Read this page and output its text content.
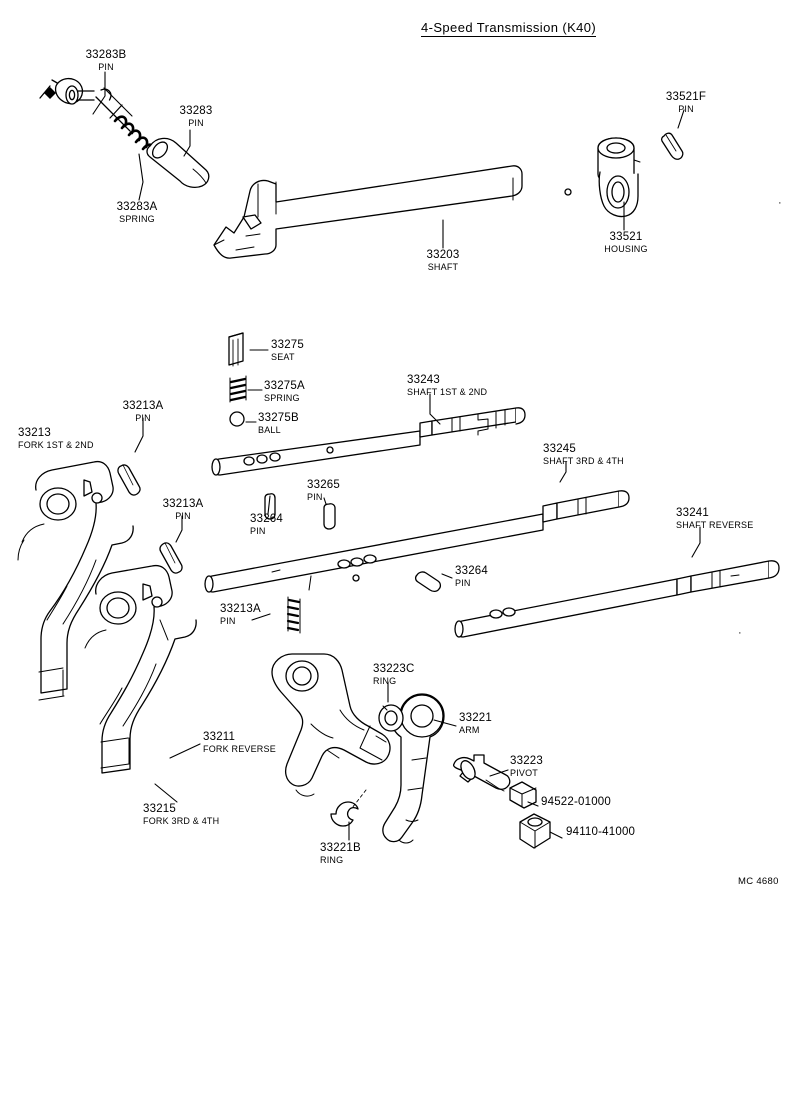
4-Speed Transmission (K40)
MC 4680
·
·
33283B
PIN
33283
PIN
33283A
SPRING
33203
SHAFT
33521
HOUSING
33521F
PIN
33275
SEAT
33275A
SPRING
33275B
BALL
33243
SHAFT 1ST & 2ND
33245
SHAFT 3RD & 4TH
33241
SHAFT REVERSE
33213A
PIN
33213
FORK 1ST & 2ND
33213A
PIN	33264
PIN
33265
PIN
33264
PIN
33213A
PIN
33211
FORK REVERSE
33215
FORK 3RD & 4TH
33223C
RING
33221
ARM
33223
PIVOT
33221B
RING
94522-01000
94110-41000
